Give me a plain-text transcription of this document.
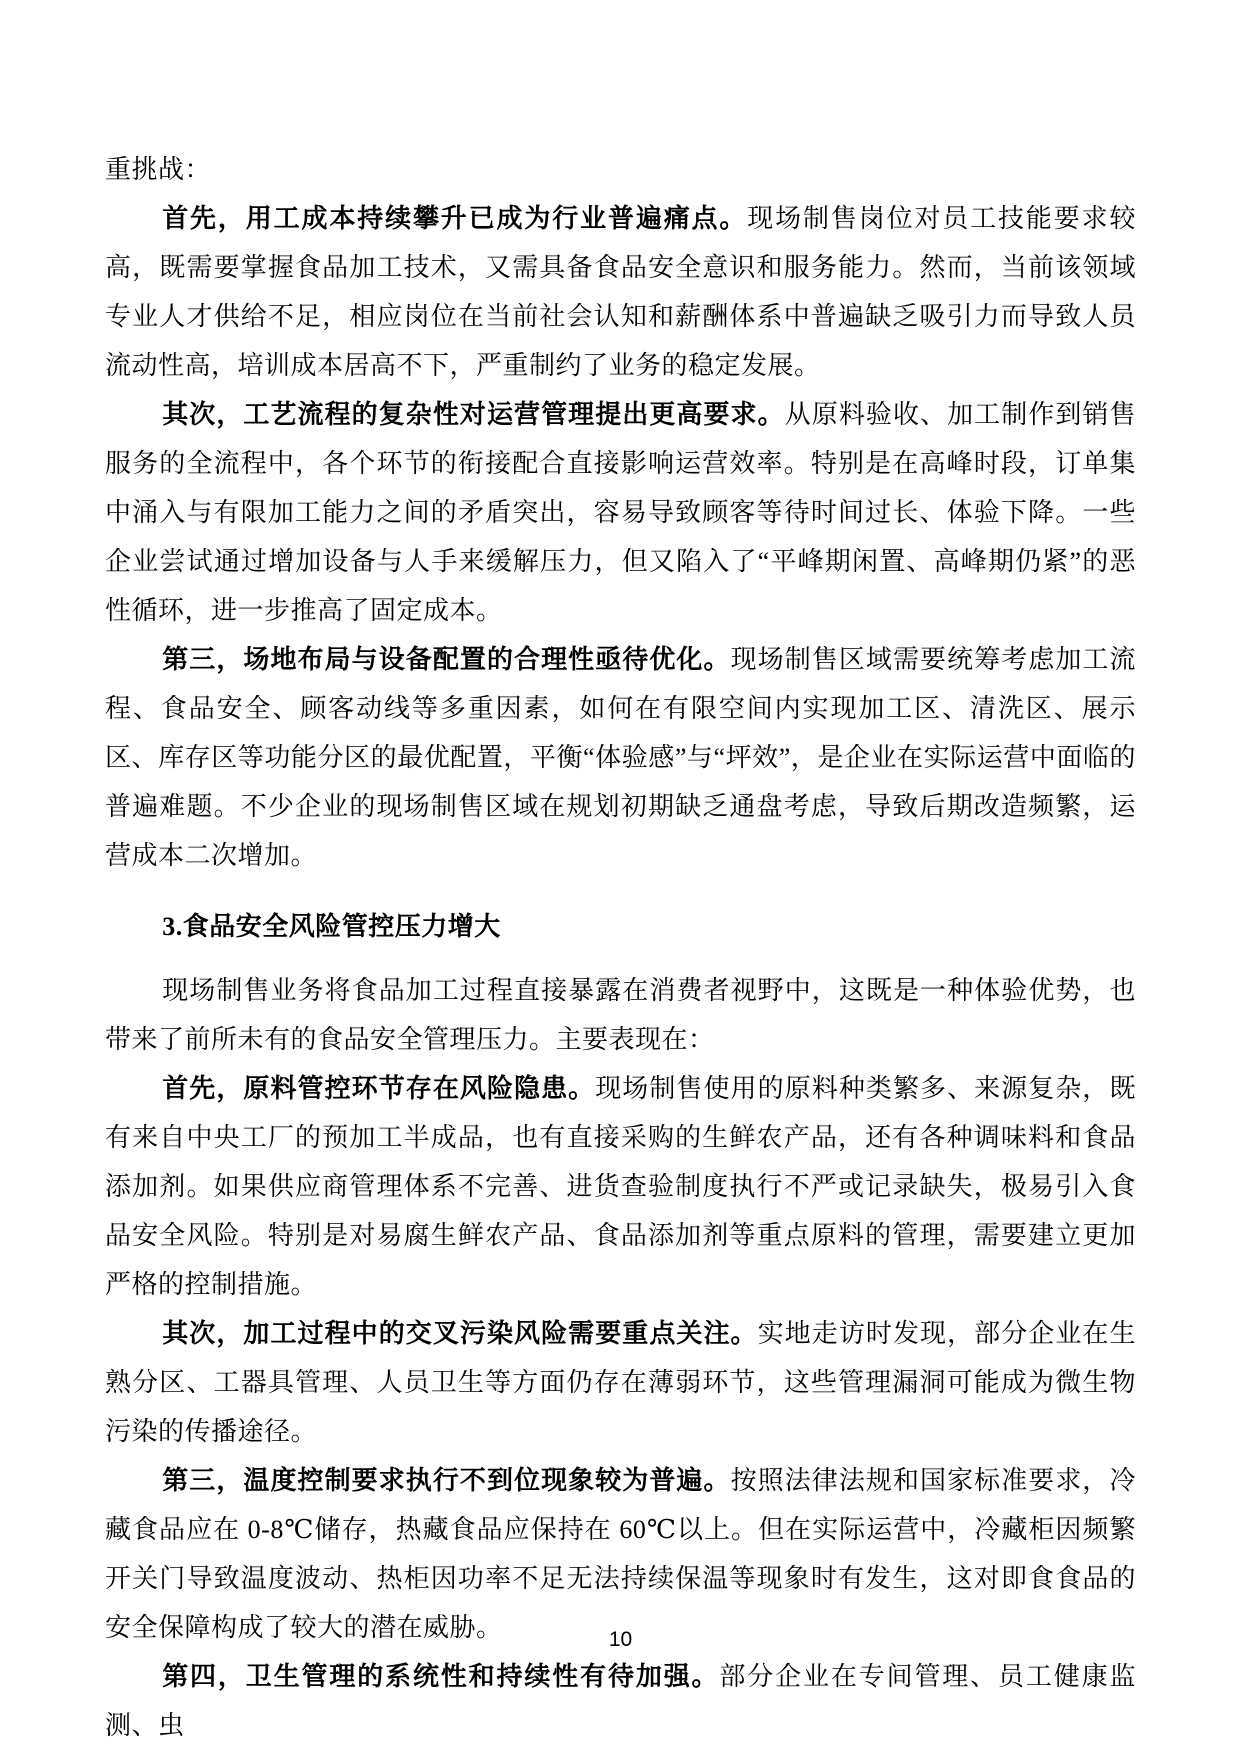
重挑战：

首先，用工成本持续攀升已成为行业普遍痛点。现场制售岗位对员工技能要求较高，既需要掌握食品加工技术，又需具备食品安全意识和服务能力。然而，当前该领域专业人才供给不足，相应岗位在当前社会认知和薪酬体系中普遍缺乏吸引力而导致人员流动性高，培训成本居高不下，严重制约了业务的稳定发展。

其次，工艺流程的复杂性对运营管理提出更高要求。从原料验收、加工制作到销售服务的全流程中，各个环节的衔接配合直接影响运营效率。特别是在高峰时段，订单集中涌入与有限加工能力之间的矛盾突出，容易导致顾客等待时间过长、体验下降。一些企业尝试通过增加设备与人手来缓解压力，但又陷入了“平峰期闲置、高峰期仍紧”的恶性循环，进一步推高了固定成本。

第三，场地布局与设备配置的合理性亟待优化。现场制售区域需要统筹考虑加工流程、食品安全、顾客动线等多重因素，如何在有限空间内实现加工区、清洗区、展示区、库存区等功能分区的最优配置，平衡“体验感”与“坪效”，是企业在实际运营中面临的普遍难题。不少企业的现场制售区域在规划初期缺乏通盘考虑，导致后期改造频繁，运营成本二次增加。

3.食品安全风险管控压力增大

现场制售业务将食品加工过程直接暴露在消费者视野中，这既是一种体验优势，也带来了前所未有的食品安全管理压力。主要表现在：

首先，原料管控环节存在风险隐患。现场制售使用的原料种类繁多、来源复杂，既有来自中央工厂的预加工半成品，也有直接采购的生鲜农产品，还有各种调味料和食品添加剂。如果供应商管理体系不完善、进货查验制度执行不严或记录缺失，极易引入食品安全风险。特别是对易腐生鲜农产品、食品添加剂等重点原料的管理，需要建立更加严格的控制措施。

其次，加工过程中的交叉污染风险需要重点关注。实地走访时发现，部分企业在生熟分区、工器具管理、人员卫生等方面仍存在薄弱环节，这些管理漏洞可能成为微生物污染的传播途径。

第三，温度控制要求执行不到位现象较为普遍。按照法律法规和国家标准要求，冷藏食品应在 0-8℃储存，热藏食品应保持在 60℃以上。但在实际运营中，冷藏柜因频繁开关门导致温度波动、热柜因功率不足无法持续保温等现象时有发生，这对即食食品的安全保障构成了较大的潜在威胁。

第四，卫生管理的系统性和持续性有待加强。部分企业在专间管理、员工健康监测、虫

10
